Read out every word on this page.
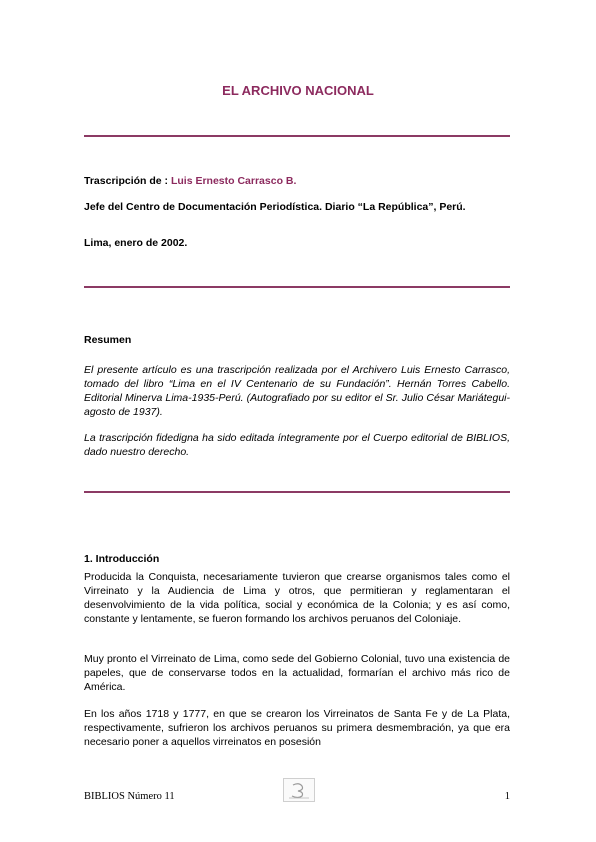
EL ARCHIVO NACIONAL
Trascripción de : Luis Ernesto Carrasco B.
Jefe del Centro de Documentación Periodística. Diario “La República”, Perú.
Lima, enero de 2002.
Resumen
El presente artículo es una trascripción realizada por el Archivero Luis Ernesto Carrasco, tomado del libro “Lima en el IV Centenario de su Fundación”. Hernán Torres Cabello. Editorial Minerva Lima-1935-Perú. (Autografiado por su editor el Sr. Julio César Mariátegui-agosto de 1937).
La trascripción fidedigna ha sido editada íntegramente por el Cuerpo editorial de BIBLIOS, dado nuestro derecho.
1. Introducción
Producida la Conquista, necesariamente tuvieron que crearse organismos tales como el Virreinato y la Audiencia de Lima y otros, que permitieran y reglamentaran el desenvolvimiento de la vida política, social y económica de la Colonia; y es así como, constante y lentamente, se fueron formando los archivos peruanos del Coloniaje.
Muy pronto el Virreinato de Lima, como sede del Gobierno Colonial, tuvo una existencia de papeles, que de conservarse todos en la actualidad, formarían el archivo más rico de América.
En los años 1718 y 1777, en que se crearon los Virreinatos de Santa Fe y de La Plata, respectivamente, sufrieron los archivos peruanos su primera desmembración, ya que era necesario poner a aquellos virreinatos en posesión
BIBLIOS Número 11	1
